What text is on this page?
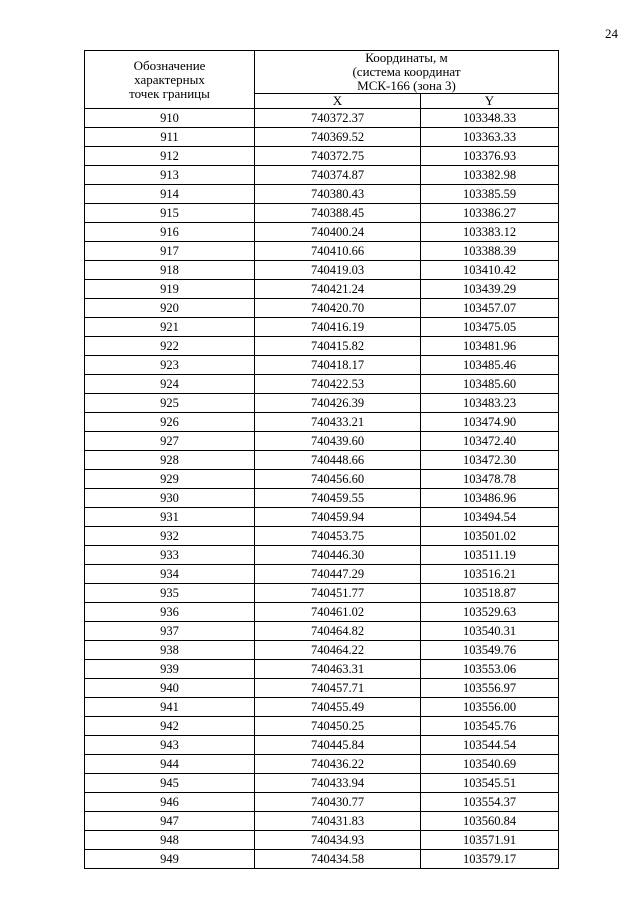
24
Обозначение
характерных
точек границы	Координаты, м
(система координат
МСК-166 (зона 3)	

	X	Y
910	740372.37	103348.33
911	740369.52	103363.33
912	740372.75	103376.93
913	740374.87	103382.98
914	740380.43	103385.59
915	740388.45	103386.27
916	740400.24	103383.12
917	740410.66	103388.39
918	740419.03	103410.42
919	740421.24	103439.29
920	740420.70	103457.07
921	740416.19	103475.05
922	740415.82	103481.96
923	740418.17	103485.46
924	740422.53	103485.60
925	740426.39	103483.23
926	740433.21	103474.90
927	740439.60	103472.40
928	740448.66	103472.30
929	740456.60	103478.78
930	740459.55	103486.96
931	740459.94	103494.54
932	740453.75	103501.02
933	740446.30	103511.19
934	740447.29	103516.21
935	740451.77	103518.87
936	740461.02	103529.63
937	740464.82	103540.31
938	740464.22	103549.76
939	740463.31	103553.06
940	740457.71	103556.97
941	740455.49	103556.00
942	740450.25	103545.76
943	740445.84	103544.54
944	740436.22	103540.69
945	740433.94	103545.51
946	740430.77	103554.37
947	740431.83	103560.84
948	740434.93	103571.91
949	740434.58	103579.17
